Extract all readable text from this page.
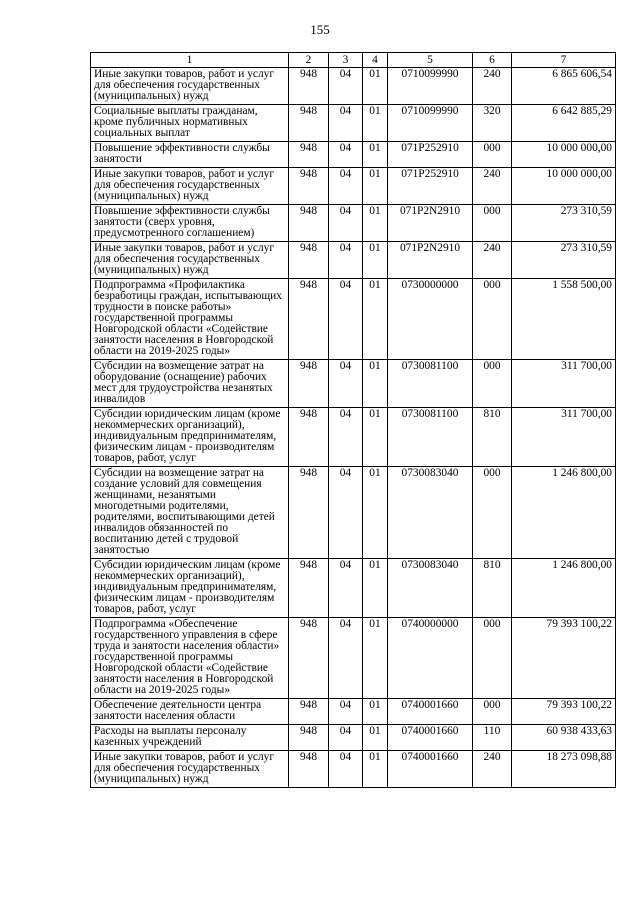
155
1	2	3	4	5	6	7
Иные закупки товаров, работ и услуг для обеспечения государственных (муниципальных) нужд	948	04	01	0710099990	240	6 865 606,54
Социальные выплаты гражданам, кроме публичных нормативных социальных выплат	948	04	01	0710099990	320	6 642 885,29
Повышение эффективности службы занятости	948	04	01	071P252910	000	10 000 000,00
Иные закупки товаров, работ и услуг для обеспечения государственных (муниципальных) нужд	948	04	01	071P252910	240	10 000 000,00
Повышение эффективности службы занятости (сверх уровня, предусмотренного соглашением)	948	04	01	071P2N2910	000	273 310,59
Иные закупки товаров, работ и услуг для обеспечения государственных (муниципальных) нужд	948	04	01	071P2N2910	240	273 310,59
Подпрограмма «Профилактика безработицы граждан, испытывающих трудности в поиске работы» государственной программы Новгородской области «Содействие занятости населения в Новгородской области на 2019-2025 годы»	948	04	01	0730000000	000	1 558 500,00
Субсидии на возмещение затрат на оборудование (оснащение) рабочих мест для трудоустройства незанятых инвалидов	948	04	01	0730081100	000	311 700,00
Субсидии юридическим лицам (кроме некоммерческих организаций), индивидуальным предпринимателям, физическим лицам - производителям товаров, работ, услуг	948	04	01	0730081100	810	311 700,00
Субсидии на возмещение затрат на создание условий для совмещения женщинами, незанятыми многодетными родителями, родителями, воспитывающими детей инвалидов обязанностей по воспитанию детей с трудовой занятостью	948	04	01	0730083040	000	1 246 800,00
Субсидии юридическим лицам (кроме некоммерческих организаций), индивидуальным предпринимателям, физическим лицам - производителям товаров, работ, услуг	948	04	01	0730083040	810	1 246 800,00
Подпрограмма «Обеспечение государственного управления в сфере труда и занятости населения области» государственной программы Новгородской области «Содействие занятости населения в Новгородской области на 2019-2025 годы»	948	04	01	0740000000	000	79 393 100,22
Обеспечение деятельности центра занятости населения области	948	04	01	0740001660	000	79 393 100,22
Расходы на выплаты персоналу казенных учреждений	948	04	01	0740001660	110	60 938 433,63
Иные закупки товаров, работ и услуг для обеспечения государственных (муниципальных) нужд	948	04	01	0740001660	240	18 273 098,88
